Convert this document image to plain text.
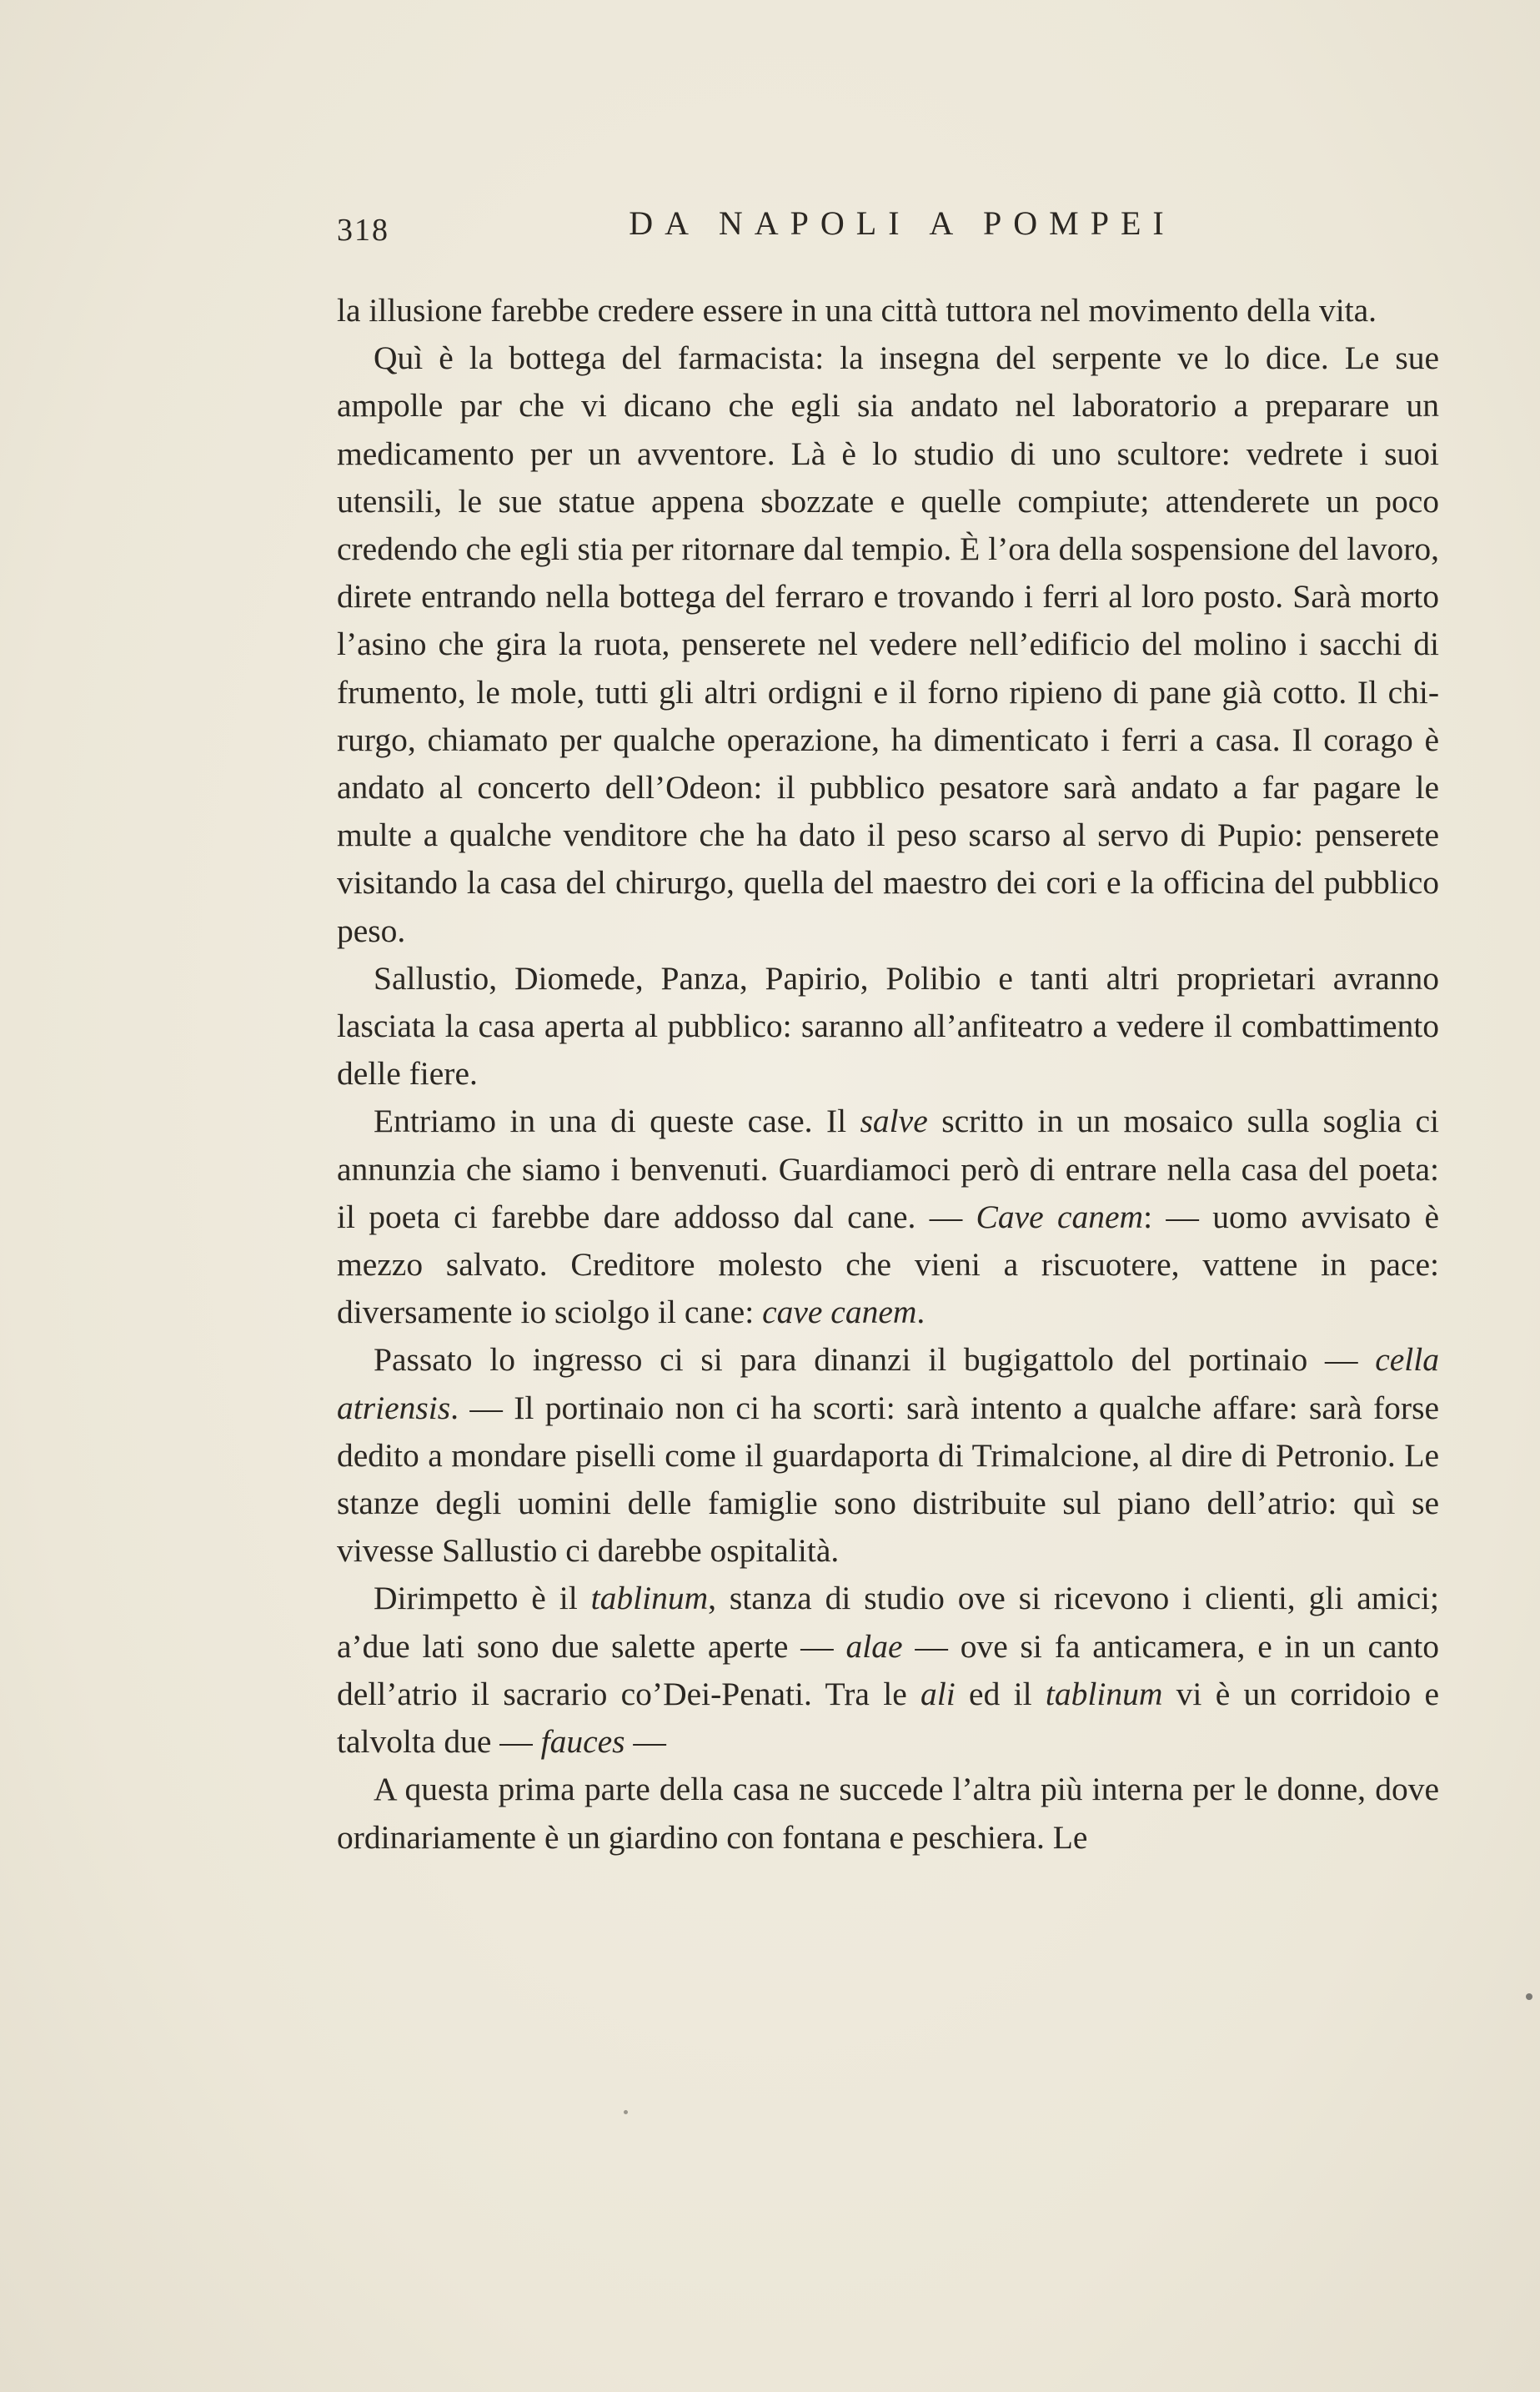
318	DA NAPOLI A POMPEI

la illusione farebbe credere essere in una città tuttora nel movimento della vita.

Quì è la bottega del farmacista: la insegna del serpente ve lo dice. Le sue ampolle par che vi dicano che egli sia andato nel laboratorio a preparare un medicamento per un avventore. Là è lo studio di uno scultore: vedrete i suoi utensili, le sue statue appena sbozzate e quelle compiute; attenderete un poco credendo che egli stia per ritornare dal tempio. È l’ora della sospensione del lavoro, direte entrando nella bottega del ferraro e trovando i ferri al loro posto. Sarà morto l’asino che gira la ruota, penserete nel vedere nell’edificio del molino i sacchi di frumento, le mole, tutti gli altri ordigni e il forno ripieno di pane già cotto. Il chirurgo, chiamato per qualche operazione, ha dimenticato i ferri a casa. Il corago è andato al concerto dell’Odeon: il pubblico pesatore sarà andato a far pagare le multe a qualche venditore che ha dato il peso scarso al servo di Pupio: penserete visitando la casa del chirurgo, quella del maestro dei cori e la officina del pubblico peso.

Sallustio, Diomede, Panza, Papirio, Polibio e tanti altri proprietari avranno lasciata la casa aperta al pubblico: saranno all’anfiteatro a vedere il combattimento delle fiere.

Entriamo in una di queste case. Il salve scritto in un mosaico sulla soglia ci annunzia che siamo i benvenuti. Guardiamoci però di entrare nella casa del poeta: il poeta ci farebbe dare addosso dal cane. — Cave canem: — uomo avvisato è mezzo salvato. Creditore molesto che vieni a riscuotere, vattene in pace: diversamente io sciolgo il cane: cave canem.

Passato lo ingresso ci si para dinanzi il bugigattolo del portinaio — cella atriensis. — Il portinaio non ci ha scorti: sarà intento a qualche affare: sarà forse dedito a mondare piselli come il guardaporta di Trimalcione, al dire di Petronio. Le stanze degli uomini delle famiglie sono distribuite sul piano dell’atrio: quì se vivesse Sallustio ci darebbe ospitalità.

Dirimpetto è il tablinum, stanza di studio ove si ricevono i clienti, gli amici; a’due lati sono due salette aperte — alae — ove si fa anticamera, e in un canto dell’atrio il sacrario co’Dei-Penati. Tra le ali ed il tablinum vi è un corridoio e talvolta due — fauces —

A questa prima parte della casa ne succede l’altra più interna per le donne, dove ordinariamente è un giardino con fontana e peschiera. Le
